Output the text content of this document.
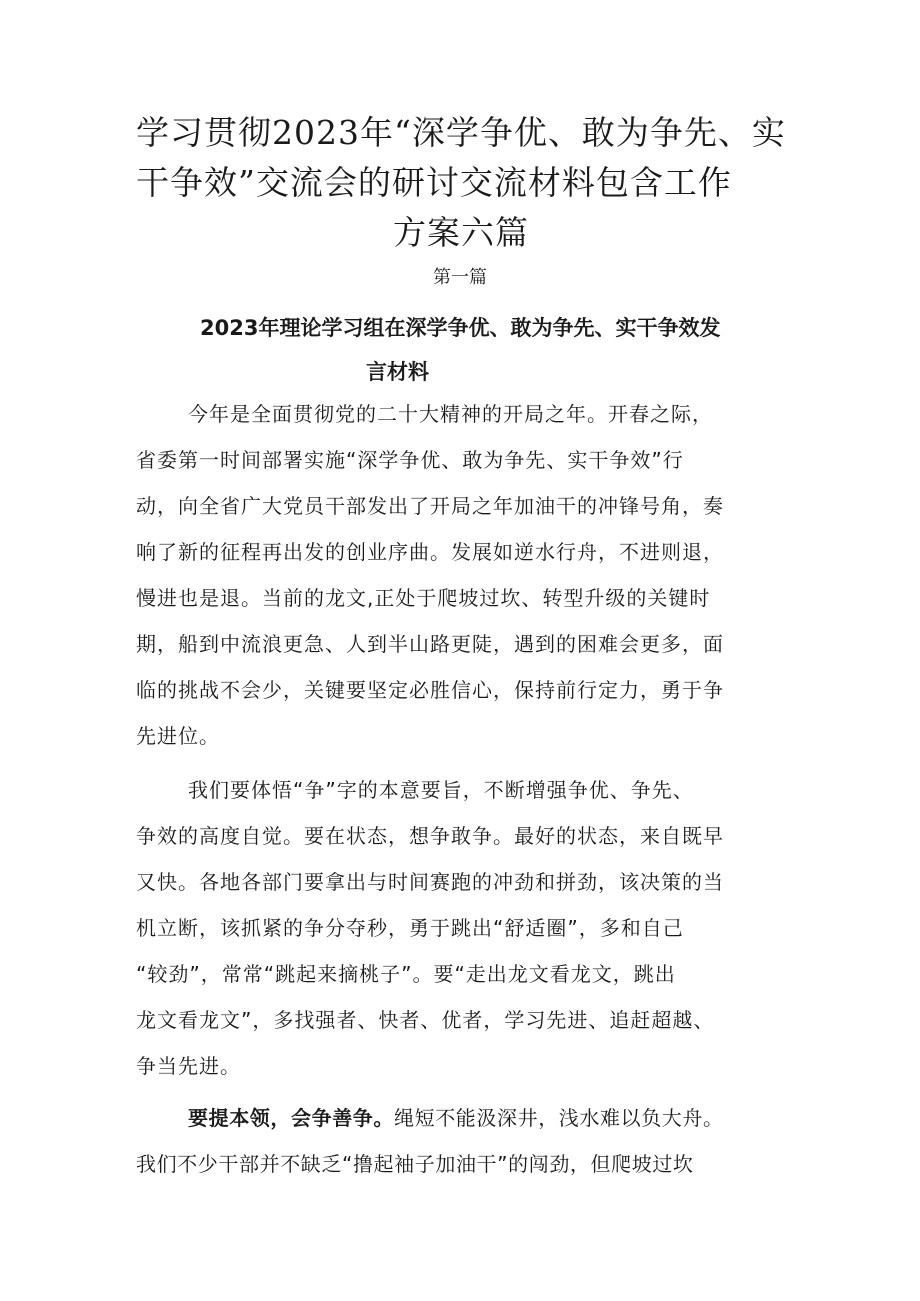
学习贯彻2023年“深学争优、敢为争先、实
干争效”交流会的研讨交流材料包含工作
方案六篇
第一篇
2023年理论学习组在深学争优、敢为争先、实干争效发
言材料
今年是全面贯彻党的二十大精神的开局之年。开春之际，
省委第一时间部署实施“深学争优、敢为争先、实干争效”行
动，向全省广大党员干部发出了开局之年加油干的冲锋号角，奏
响了新的征程再出发的创业序曲。发展如逆水行舟，不进则退，
慢进也是退。当前的龙文,正处于爬坡过坎、转型升级的关键时
期，船到中流浪更急、人到半山路更陡，遇到的困难会更多，面
临的挑战不会少，关键要坚定必胜信心，保持前行定力，勇于争
先进位。
我们要体悟“争”字的本意要旨，不断增强争优、争先、
争效的高度自觉。要在状态，想争敢争。最好的状态，来自既早
又快。各地各部门要拿出与时间赛跑的冲劲和拼劲，该决策的当
机立断，该抓紧的争分夺秒，勇于跳出“舒适圈”，多和自己
“较劲”，常常“跳起来摘桃子”。要“走出龙文看龙文，跳出
龙文看龙文”，多找强者、快者、优者，学习先进、追赶超越、
争当先进。
要提本领，会争善争。绳短不能汲深井，浅水难以负大舟。
我们不少干部并不缺乏“撸起袖子加油干”的闯劲，但爬坡过坎
